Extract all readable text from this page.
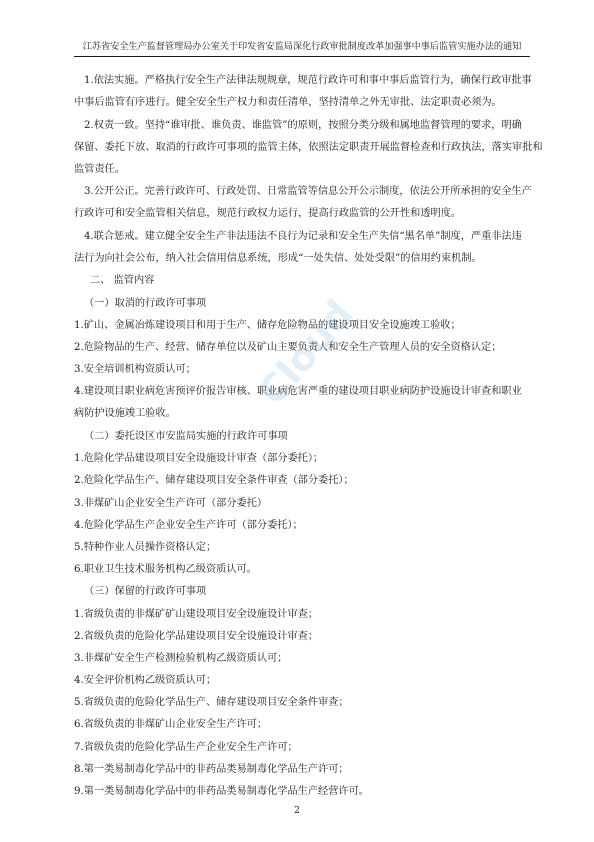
江苏省安全生产监督管理局办公室关于印发省安监局深化行政审批制度改革加强事中事后监管实施办法的通知
1.依法实施。严格执行安全生产法律法规规章，规范行政许可和事中事后监管行为，确保行政审批事
中事后监管有序进行。健全安全生产权力和责任清单，坚持清单之外无审批、法定职责必须为。
2.权责一致。坚持“谁审批、谁负责、谁监管”的原则，按照分类分级和属地监督管理的要求，明确
保留、委托下放、取消的行政许可事项的监管主体，依照法定职责开展监督检查和行政执法，落实审批和
监管责任。
3.公开公正。完善行政许可、行政处罚、日常监管等信息公开公示制度，依法公开所承担的安全生产
行政许可和安全监管相关信息，规范行政权力运行，提高行政监管的公开性和透明度。
4.联合惩戒。建立健全安全生产非法违法不良行为记录和安全生产失信“黑名单”制度，严重非法违
法行为向社会公布，纳入社会信用信息系统，形成“一处失信、处处受限”的信用约束机制。
二、 监管内容
（一）取消的行政许可事项
1.矿山、金属冶炼建设项目和用于生产、储存危险物品的建设项目安全设施竣工验收；
2.危险物品的生产、经营、储存单位以及矿山主要负责人和安全生产管理人员的安全资格认定；
3.安全培训机构资质认可；
4.建设项目职业病危害预评价报告审核、职业病危害严重的建设项目职业病防护设施设计审查和职业
病防护设施竣工验收。
（二）委托设区市安监局实施的行政许可事项
1.危险化学品建设项目安全设施设计审查（部分委托）；
2.危险化学品生产、储存建设项目安全条件审查（部分委托）；
3.非煤矿山企业安全生产许可（部分委托）
4.危险化学品生产企业安全生产许可（部分委托）；
5.特种作业人员操作资格认定；
6.职业卫生技术服务机构乙级资质认可。
（三）保留的行政许可事项
1.省级负责的非煤矿矿山建设项目安全设施设计审查；
2.省级负责的危险化学品建设项目安全设施设计审查；
3.非煤矿安全生产检测检验机构乙级资质认可；
4.安全评价机构乙级资质认可；
5.省级负责的危险化学品生产、储存建设项目安全条件审查；
6.省级负责的非煤矿山企业安全生产许可；
7.省级负责的危险化学品生产企业安全生产许可；
8.第一类易制毒化学品中的非药品类易制毒化学品生产许可；
9.第一类易制毒化学品中的非药品类易制毒化学品生产经营许可。
Cloud
2
